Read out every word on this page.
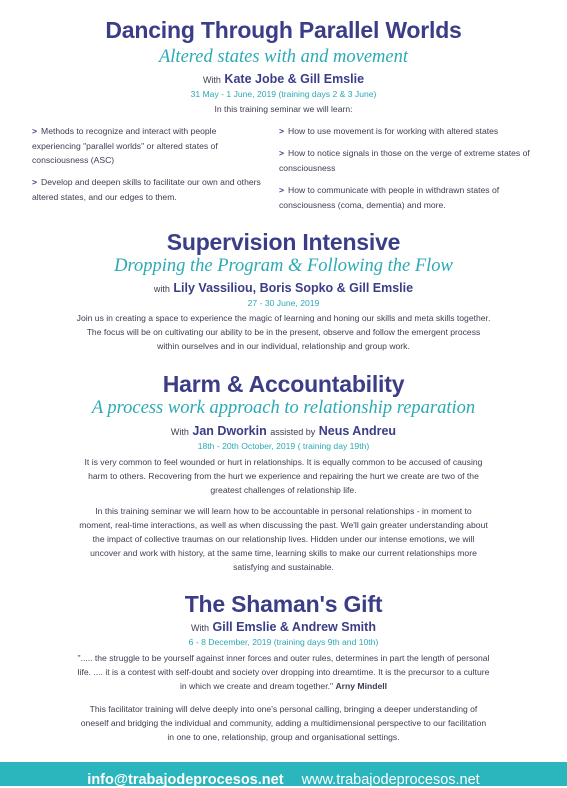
Dancing Through Parallel Worlds
Altered states with and movement
With Kate Jobe & Gill Emslie
31 May - 1 June, 2019 (training days 2 & 3 June)
In this training seminar we will learn:
> Methods to recognize and interact with people experiencing "parallel worlds" or altered states of consciousness (ASC)
> Develop and deepen skills to facilitate our own and others altered states, and our edges to them.
> How to use movement is for working with altered states
> How to notice signals in those on the verge of extreme states of consciousness
> How to communicate with people in withdrawn states of consciousness (coma, dementia) and more.
Supervision Intensive
Dropping the Program & Following the Flow
with Lily Vassiliou, Boris Sopko & Gill Emslie
27 - 30 June, 2019
Join us in creating a space to experience the magic of learning and honing our skills and meta skills together.
The focus will be on cultivating our ability to be in the present, observe and follow the emergent process
within ourselves and in our individual, relationship and group work.
Harm & Accountability
A process work approach to relationship reparation
With Jan Dworkin assisted by Neus Andreu
18th - 20th October, 2019 ( training day 19th)
It is very common to feel wounded or hurt in relationships. It is equally common to be accused of causing
harm to others. Recovering from the hurt we experience and repairing the hurt we create are two of the
greatest challenges of relationship life.
In this training seminar we will learn how to be accountable in personal relationships - in moment to
moment, real-time interactions, as well as when discussing the past. We'll gain greater understanding about
the impact of collective traumas on our relationship lives. Hidden under our intense emotions, we will
uncover and work with history, at the same time, learning skills to make our current relationships more
satisfying and sustainable.
The Shaman's Gift
With Gill Emslie & Andrew Smith
6 - 8 December, 2019 (training days 9th and 10th)
"..... the struggle to be yourself against inner forces and outer rules, determines in part the length of personal
life. .... it is a contest with self-doubt and society over dropping into dreamtime. It is the precursor to a culture
in which we create and dream together." Arny Mindell
This facilitator training will delve deeply into one's personal calling, bringing a deeper understanding of
oneself and bridging the individual and community, adding a multidimensional perspective to our facilitation
in one to one, relationship, group and organisational settings.
info@trabajodeprocesos.net www.trabajodeprocesos.net
